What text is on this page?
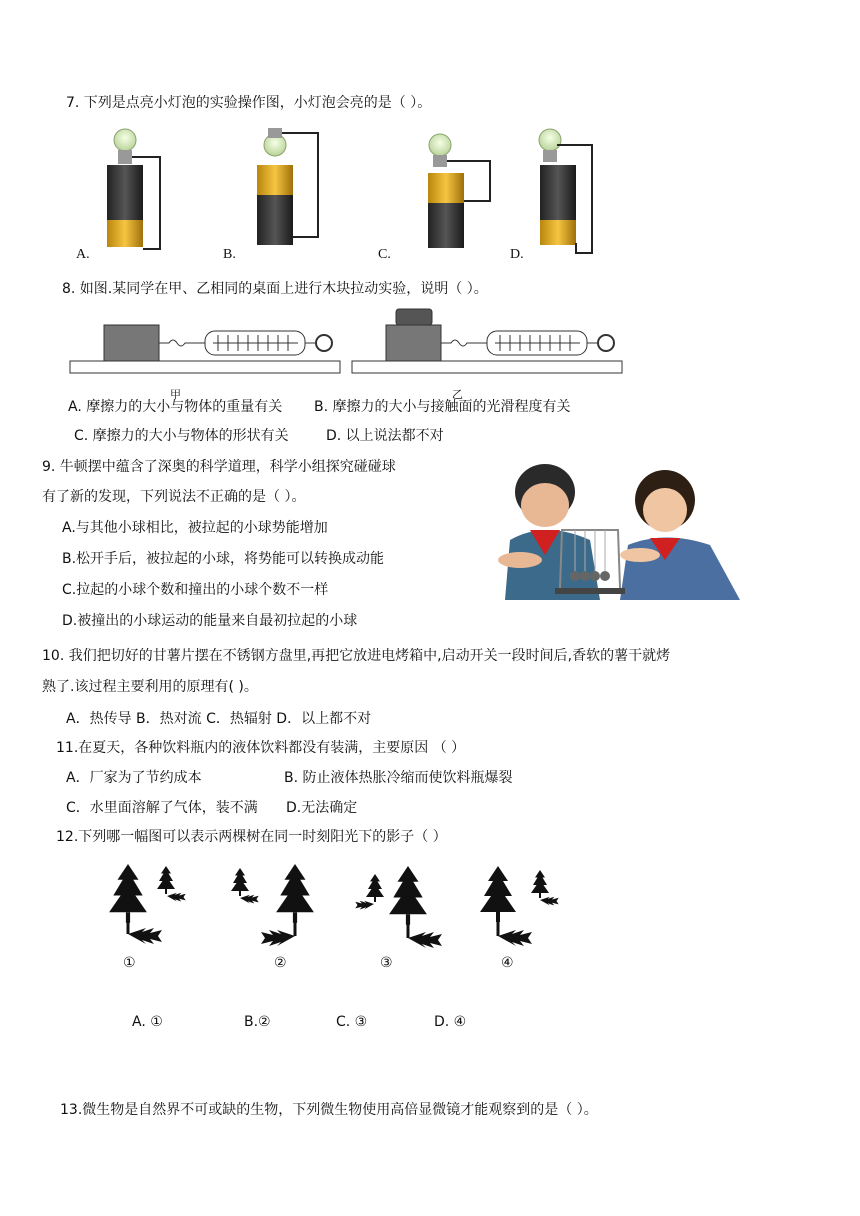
7. 下列是点亮小灯泡的实验操作图，小灯泡会亮的是（ ）。
A.	B.	C.	D.
8. 如图.某同学在甲、乙相同的桌面上进行木块拉动实验，说明（ ）。
甲	乙
A. 摩擦力的大小与物体的重量有关 B. 摩擦力的大小与接触面的光滑程度有关
C. 摩擦力的大小与物体的形状有关	D. 以上说法都不对
9. 牛顿摆中蕴含了深奥的科学道理，科学小组探究碰碰球
有了新的发现，下列说法不正确的是（ ）。
A.与其他小球相比，被拉起的小球势能增加
B.松开手后，被拉起的小球，将势能可以转换成动能
C.拉起的小球个数和撞出的小球个数不一样
D.被撞出的小球运动的能量来自最初拉起的小球
10. 我们把切好的甘薯片摆在不锈钢方盘里,再把它放进电烤箱中,启动开关一段时间后,香软的薯干就烤
熟了.该过程主要利用的原理有( )。
A．热传导 B．热对流 C．热辐射 D．以上都不对
11.在夏天，各种饮料瓶内的液体饮料都没有装满，主要原因 （ ）
A．厂家为了节约成本	B. 防止液体热胀冷缩而使饮料瓶爆裂
C．水里面溶解了气体，装不满 D.无法确定
12.下列哪一幅图可以表示两棵树在同一时刻阳光下的影子（ ）
①	②	③	④
A. ①	B.②	C. ③	D. ④
13.微生物是自然界不可或缺的生物，下列微生物使用高倍显微镜才能观察到的是（ ）。
